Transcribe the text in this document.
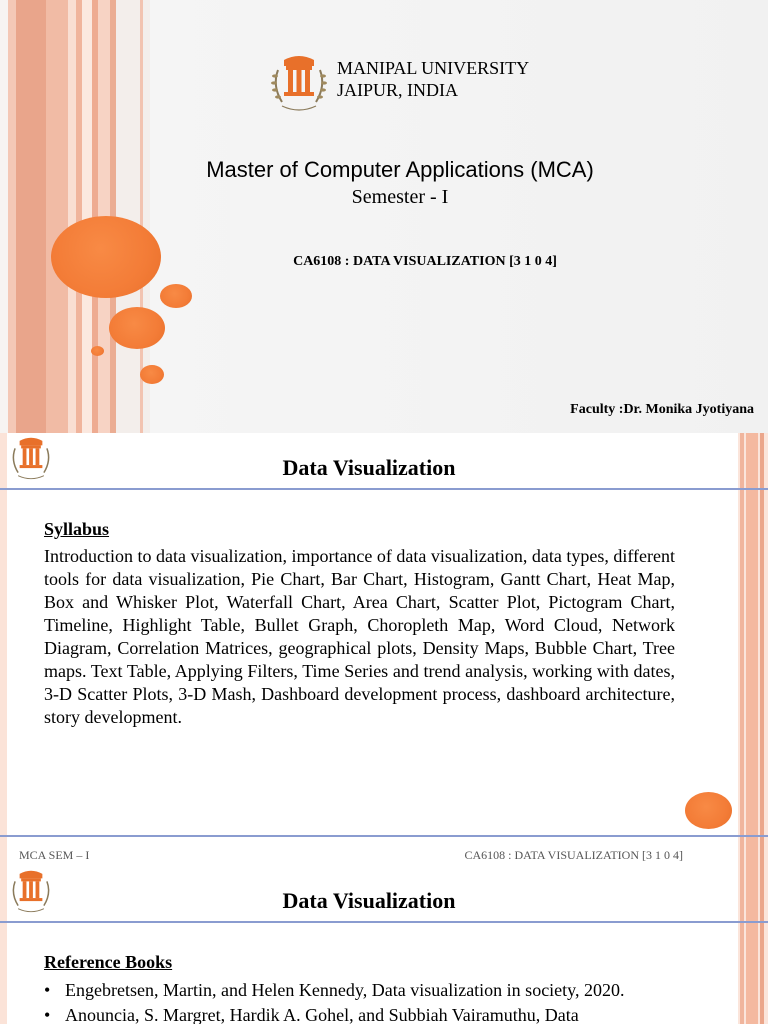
MANIPAL UNIVERSITY
JAIPUR, INDIA
Master of Computer Applications (MCA)
Semester - I
CA6108 : DATA VISUALIZATION [3 1 0 4]
Faculty :Dr. Monika Jyotiyana
Data Visualization
Syllabus
Introduction to data visualization, importance of data visualization, data types, different tools for data visualization, Pie Chart, Bar Chart, Histogram, Gantt Chart, Heat Map, Box and Whisker Plot, Waterfall Chart, Area Chart, Scatter Plot, Pictogram Chart, Timeline, Highlight Table, Bullet Graph, Choropleth Map, Word Cloud, Network Diagram, Correlation Matrices, geographical plots, Density Maps, Bubble Chart, Tree maps. Text Table, Applying Filters, Time Series and trend analysis, working with dates, 3-D Scatter Plots, 3-D Mash, Dashboard development process, dashboard architecture, story development.
MCA SEM – I	CA6108 : DATA VISUALIZATION [3 1 0 4]
Data Visualization
Reference Books
• Engebretsen, Martin, and Helen Kennedy, Data visualization in society, 2020.
• Anouncia, S. Margret, Hardik A. Gohel, and Subbiah Vairamuthu, Data
